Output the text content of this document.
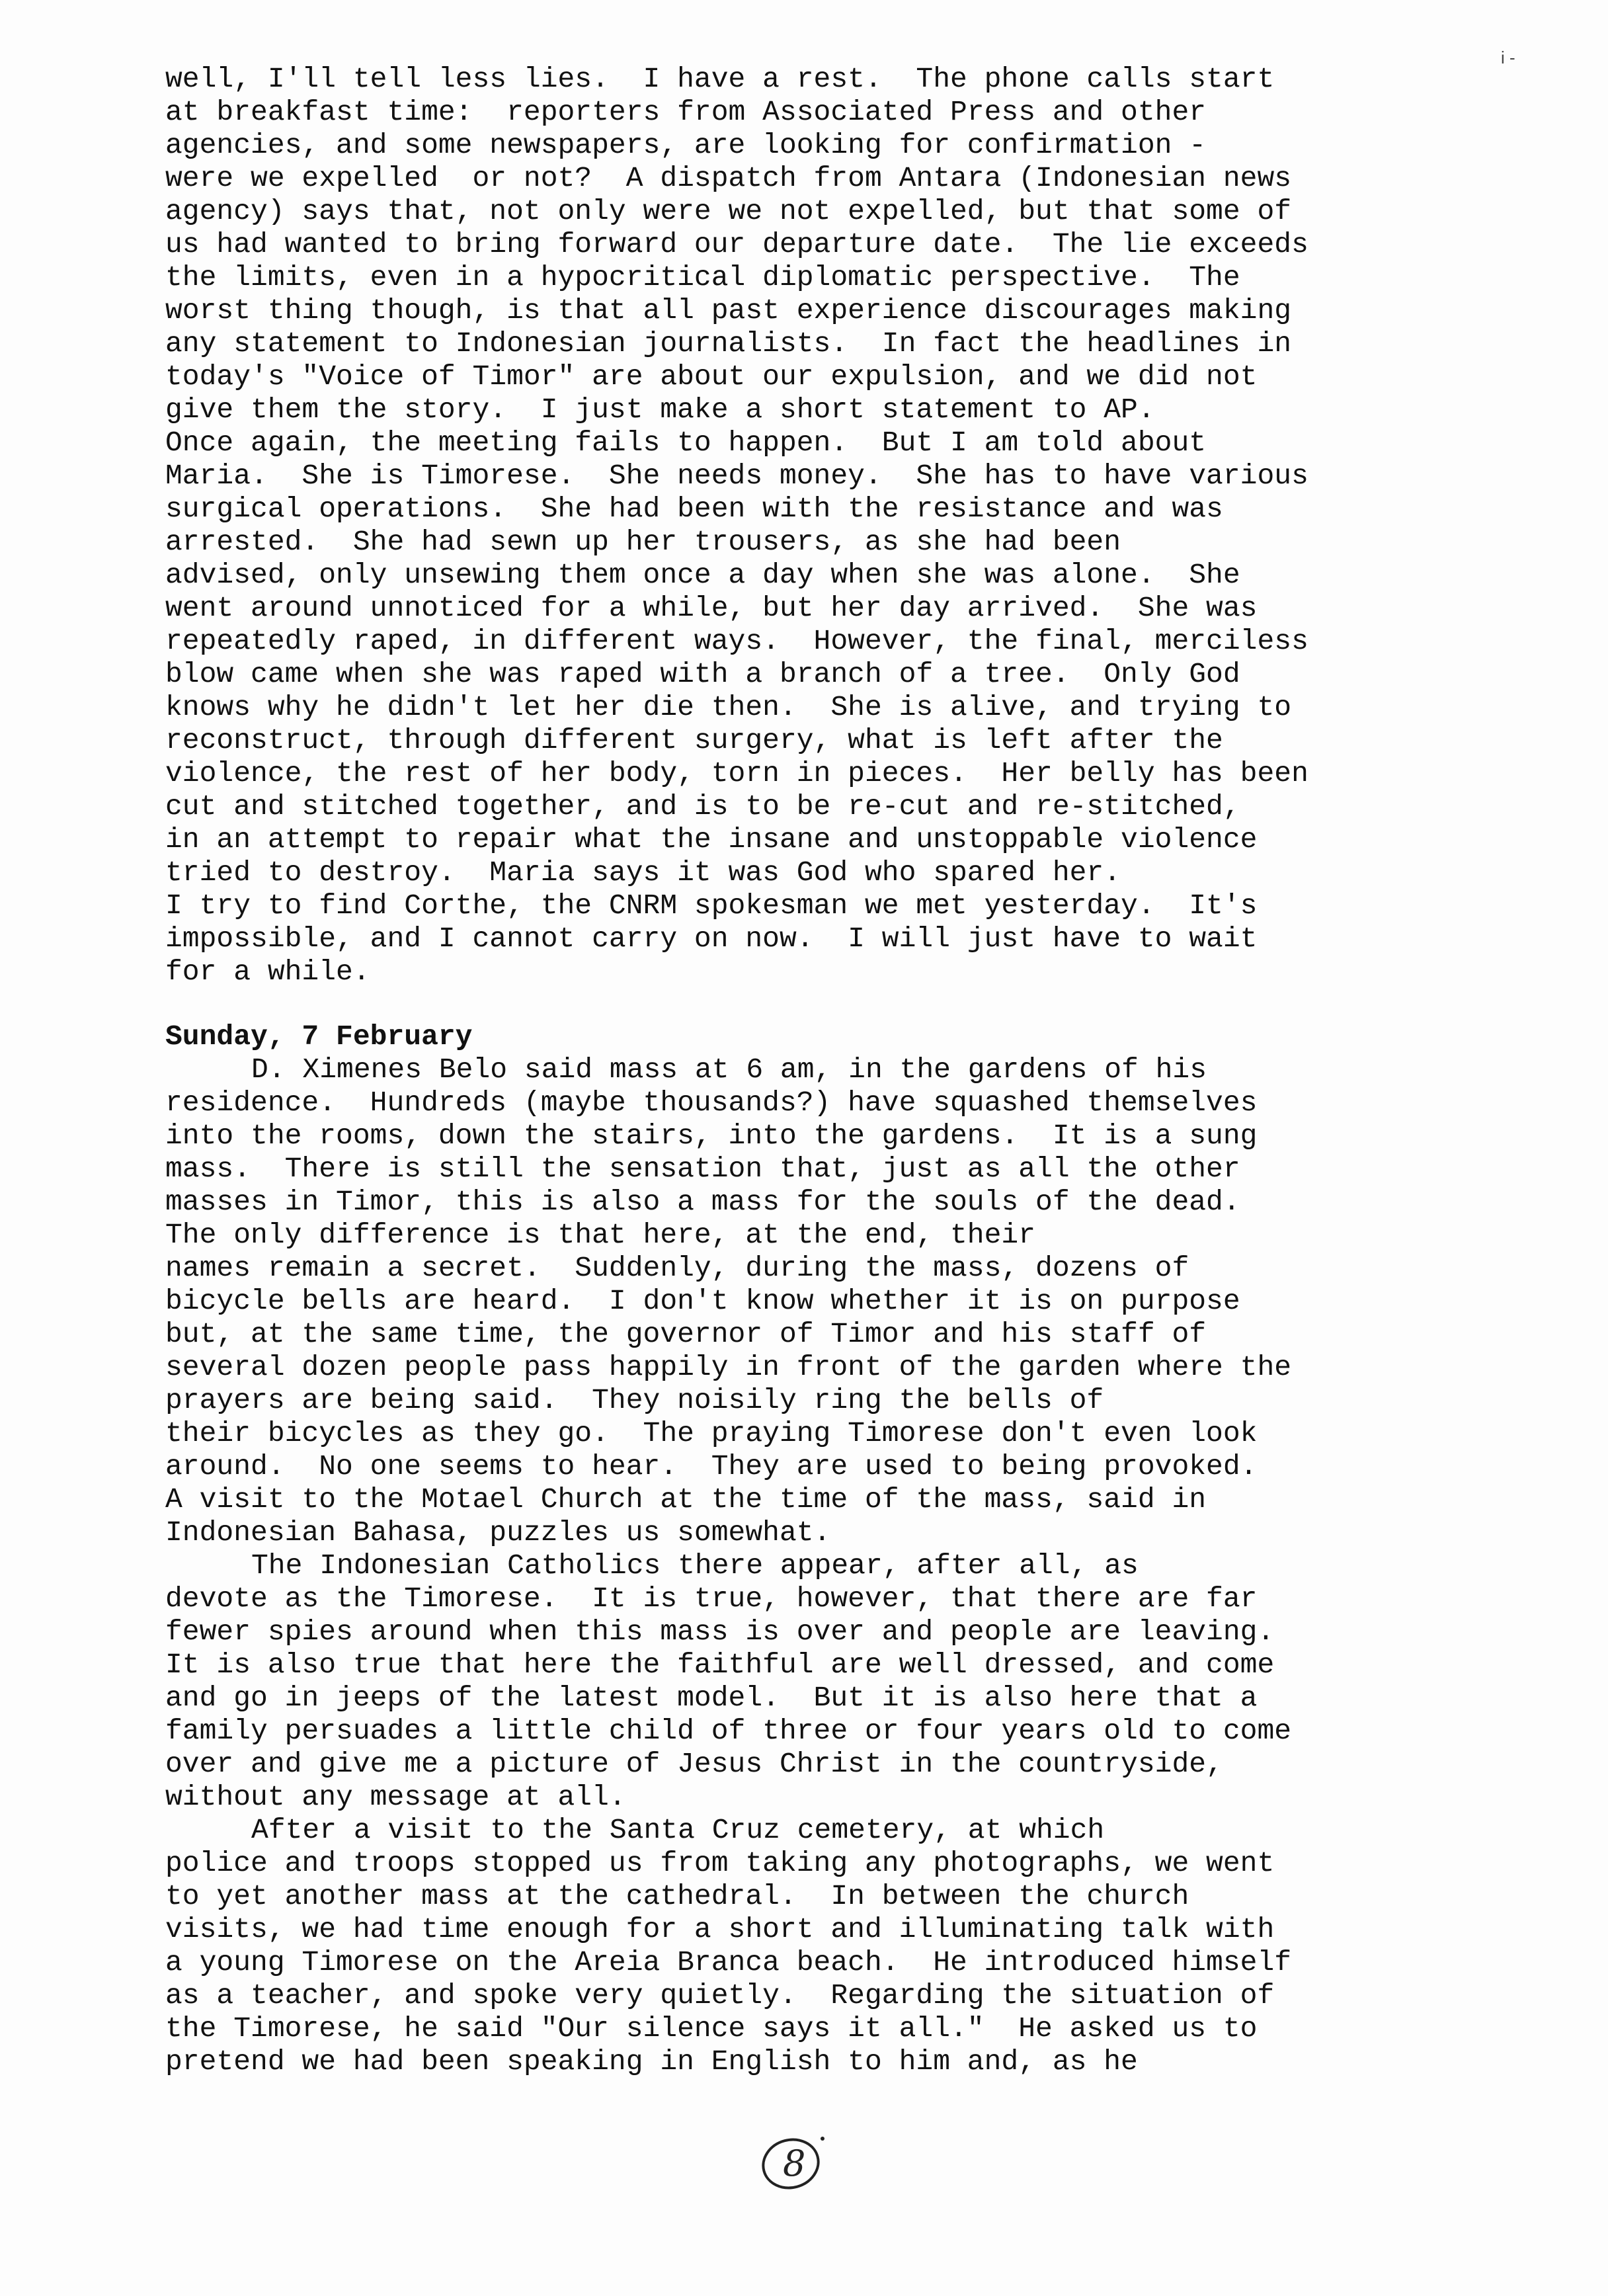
i -
well, I'll tell less lies.  I have a rest.  The phone calls start
at breakfast time:  reporters from Associated Press and other
agencies, and some newspapers, are looking for confirmation -
were we expelled  or not?  A dispatch from Antara (Indonesian news
agency) says that, not only were we not expelled, but that some of
us had wanted to bring forward our departure date.  The lie exceeds
the limits, even in a hypocritical diplomatic perspective.  The
worst thing though, is that all past experience discourages making
any statement to Indonesian journalists.  In fact the headlines in
today's "Voice of Timor" are about our expulsion, and we did not
give them the story.  I just make a short statement to AP.
Once again, the meeting fails to happen.  But I am told about
Maria.  She is Timorese.  She needs money.  She has to have various
surgical operations.  She had been with the resistance and was
arrested.  She had sewn up her trousers, as she had been
advised, only unsewing them once a day when she was alone.  She
went around unnoticed for a while, but her day arrived.  She was
repeatedly raped, in different ways.  However, the final, merciless
blow came when she was raped with a branch of a tree.  Only God
knows why he didn't let her die then.  She is alive, and trying to
reconstruct, through different surgery, what is left after the
violence, the rest of her body, torn in pieces.  Her belly has been
cut and stitched together, and is to be re-cut and re-stitched,
in an attempt to repair what the insane and unstoppable violence
tried to destroy.  Maria says it was God who spared her.
I try to find Corthe, the CNRM spokesman we met yesterday.  It's
impossible, and I cannot carry on now.  I will just have to wait
for a while.
Sunday, 7 February
D. Ximenes Belo said mass at 6 am, in the gardens of his
residence.  Hundreds (maybe thousands?) have squashed themselves
into the rooms, down the stairs, into the gardens.  It is a sung
mass.  There is still the sensation that, just as all the other
masses in Timor, this is also a mass for the souls of the dead.
The only difference is that here, at the end, their
names remain a secret.  Suddenly, during the mass, dozens of
bicycle bells are heard.  I don't know whether it is on purpose
but, at the same time, the governor of Timor and his staff of
several dozen people pass happily in front of the garden where the
prayers are being said.  They noisily ring the bells of
their bicycles as they go.  The praying Timorese don't even look
around.  No one seems to hear.  They are used to being provoked.
A visit to the Motael Church at the time of the mass, said in
Indonesian Bahasa, puzzles us somewhat.
The Indonesian Catholics there appear, after all, as
devote as the Timorese.  It is true, however, that there are far
fewer spies around when this mass is over and people are leaving.
It is also true that here the faithful are well dressed, and come
and go in jeeps of the latest model.  But it is also here that a
family persuades a little child of three or four years old to come
over and give me a picture of Jesus Christ in the countryside,
without any message at all.
After a visit to the Santa Cruz cemetery, at which
police and troops stopped us from taking any photographs, we went
to yet another mass at the cathedral.  In between the church
visits, we had time enough for a short and illuminating talk with
a young Timorese on the Areia Branca beach.  He introduced himself
as a teacher, and spoke very quietly.  Regarding the situation of
the Timorese, he said "Our silence says it all."  He asked us to
pretend we had been speaking in English to him and, as he
8
